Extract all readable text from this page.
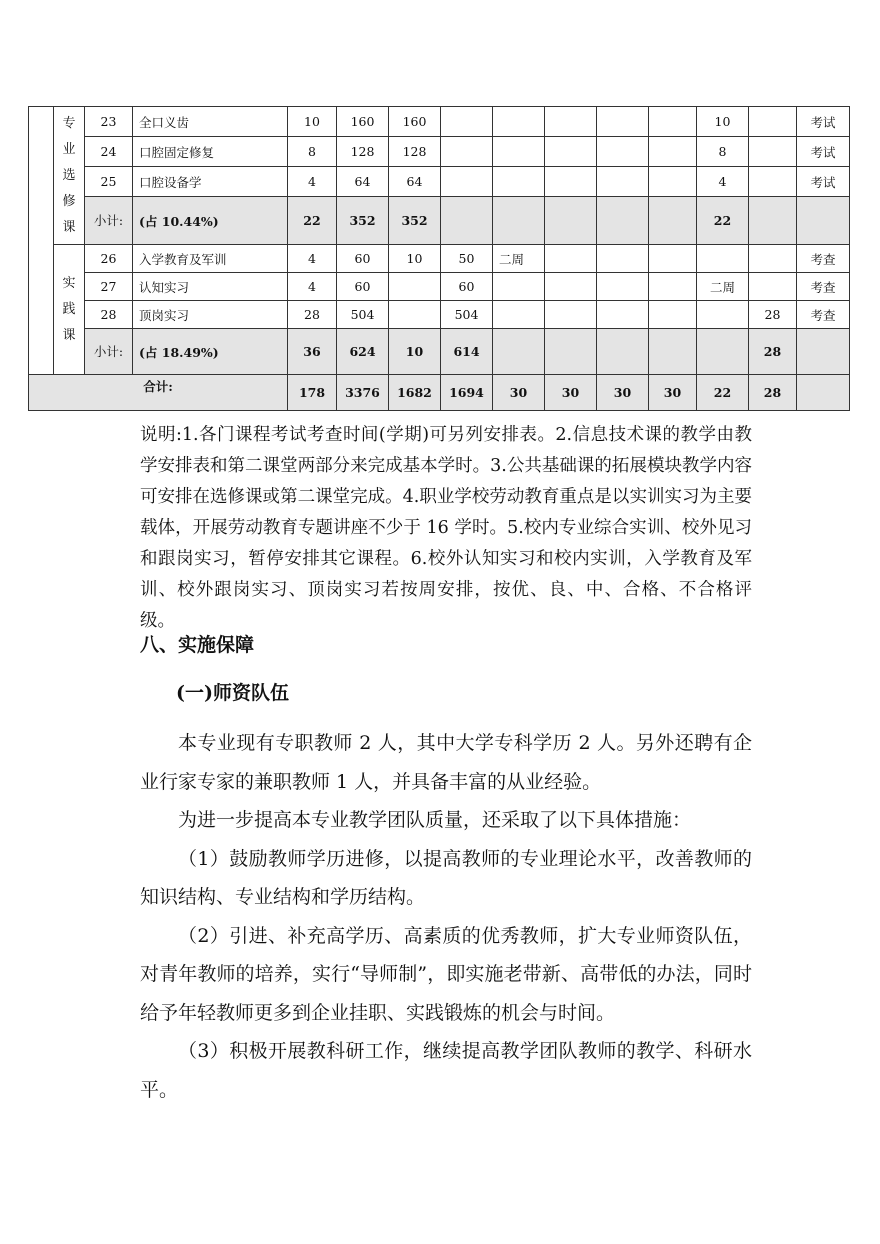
	专业选修课	23	全口义齿	10	160	160						10		考试
		24	口腔固定修复	8	128	128						8		考试
		25	口腔设备学	4	64	64						4		考试
		小计:	(占 10.44%)	22	352	352						22		

	实践课	26	入学教育及军训	4	60	10	50	二周						考查
		27	认知实习	4	60		60					二周		考查
		28	顶岗实习	28	504		504						28	考查
		小计:	(占 18.49%)	36	624	10	614						28	
合计:				178	3376	1682	1694	30	30	30	30	22	28	
说明:1.各门课程考试考查时间(学期)可另列安排表。2.信息技术课的教学由教学安排表和第二课堂两部分来完成基本学时。3.公共基础课的拓展模块教学内容可安排在选修课或第二课堂完成。4.职业学校劳动教育重点是以实训实习为主要载体，开展劳动教育专题讲座不少于 16 学时。5.校内专业综合实训、校外见习和跟岗实习，暂停安排其它课程。6.校外认知实习和校内实训，入学教育及军训、校外跟岗实习、顶岗实习若按周安排，按优、良、中、合格、不合格评级。
八、实施保障
(一)师资队伍

本专业现有专职教师 2 人，其中大学专科学历 2 人。另外还聘有企业行家专家的兼职教师 1 人，并具备丰富的从业经验。

为进一步提高本专业教学团队质量，还采取了以下具体措施：

（1）鼓励教师学历进修，以提高教师的专业理论水平，改善教师的知识结构、专业结构和学历结构。

（2）引进、补充高学历、高素质的优秀教师，扩大专业师资队伍，对青年教师的培养，实行“导师制”，即实施老带新、高带低的办法，同时给予年轻教师更多到企业挂职、实践锻炼的机会与时间。

（3）积极开展教科研工作，继续提高教学团队教师的教学、科研水平。
